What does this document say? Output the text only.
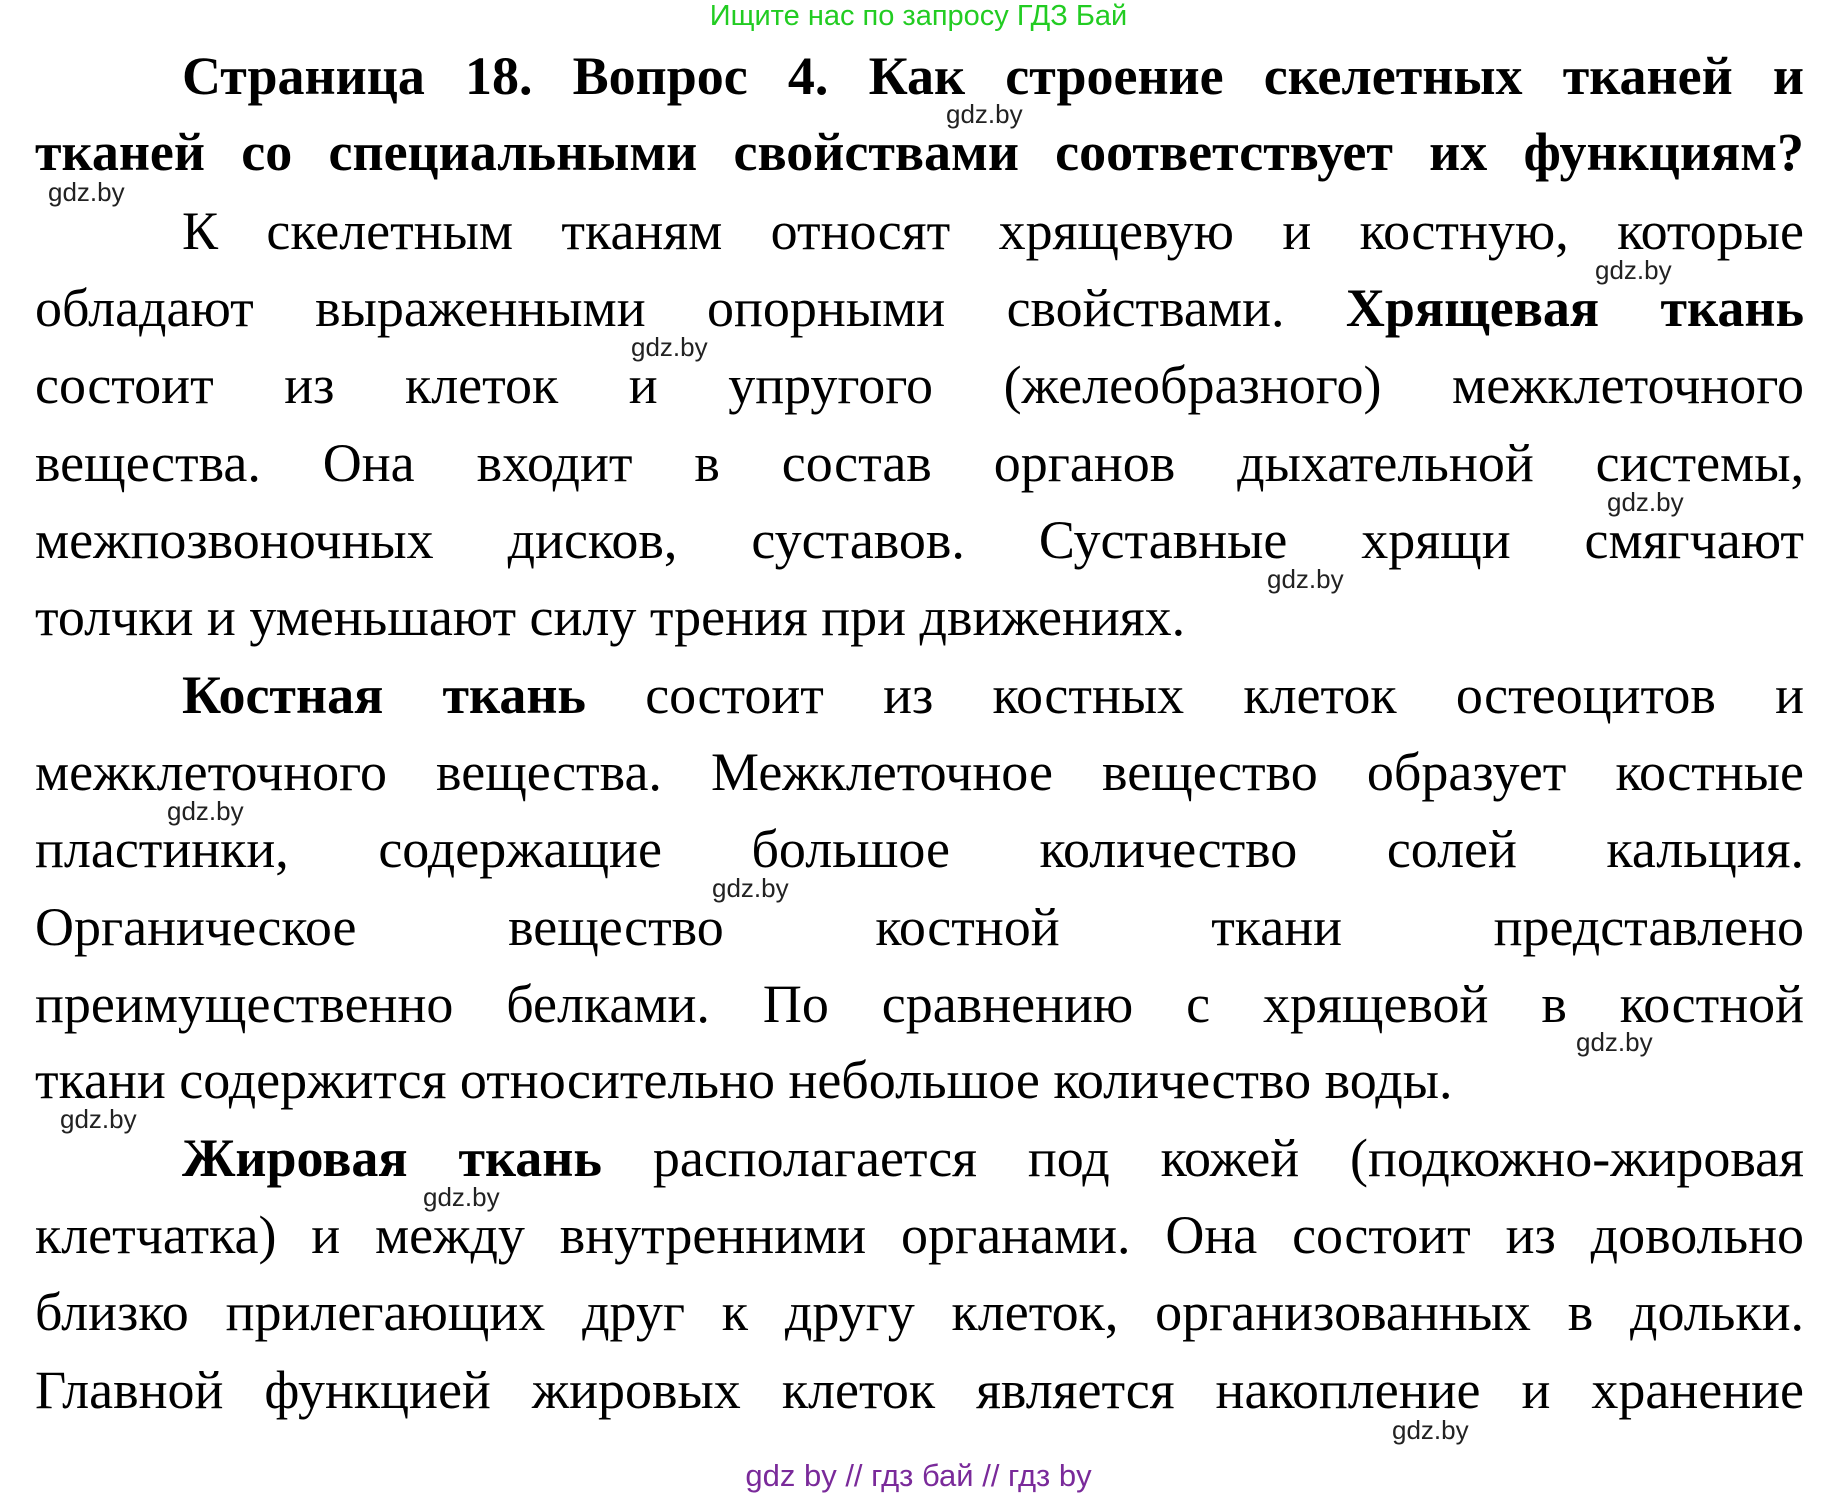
Ищите нас по запросу ГДЗ Бай
Страница 18. Вопрос 4. Как строение скелетных тканей и
тканей со специальными свойствами соответствует их функциям?
К скелетным тканям относят хрящевую и костную, которые
обладают выраженными опорными свойствами. Хрящевая ткань
состоит из клеток и упругого (желеобразного) межклеточного
вещества. Она входит в состав органов дыхательной системы,
межпозвоночных дисков, суставов. Суставные хрящи смягчают
толчки и уменьшают силу трения при движениях.
Костная ткань состоит из костных клеток остеоцитов и
межклеточного вещества. Межклеточное вещество образует костные
пластинки, содержащие большое количество солей кальция.
Органическое вещество костной ткани представлено
преимущественно белками. По сравнению с хрящевой в костной
ткани содержится относительно небольшое количество воды.
Жировая ткань располагается под кожей (подкожно-жировая
клетчатка) и между внутренними органами. Она состоит из довольно
близко прилегающих друг к другу клеток, организованных в дольки.
Главной функцией жировых клеток является накопление и хранение
gdz.by
gdz.by
gdz.by
gdz.by
gdz.by
gdz.by
gdz.by
gdz.by
gdz.by
gdz.by
gdz.by
gdz.by
gdz by // гдз бай // гдз by
